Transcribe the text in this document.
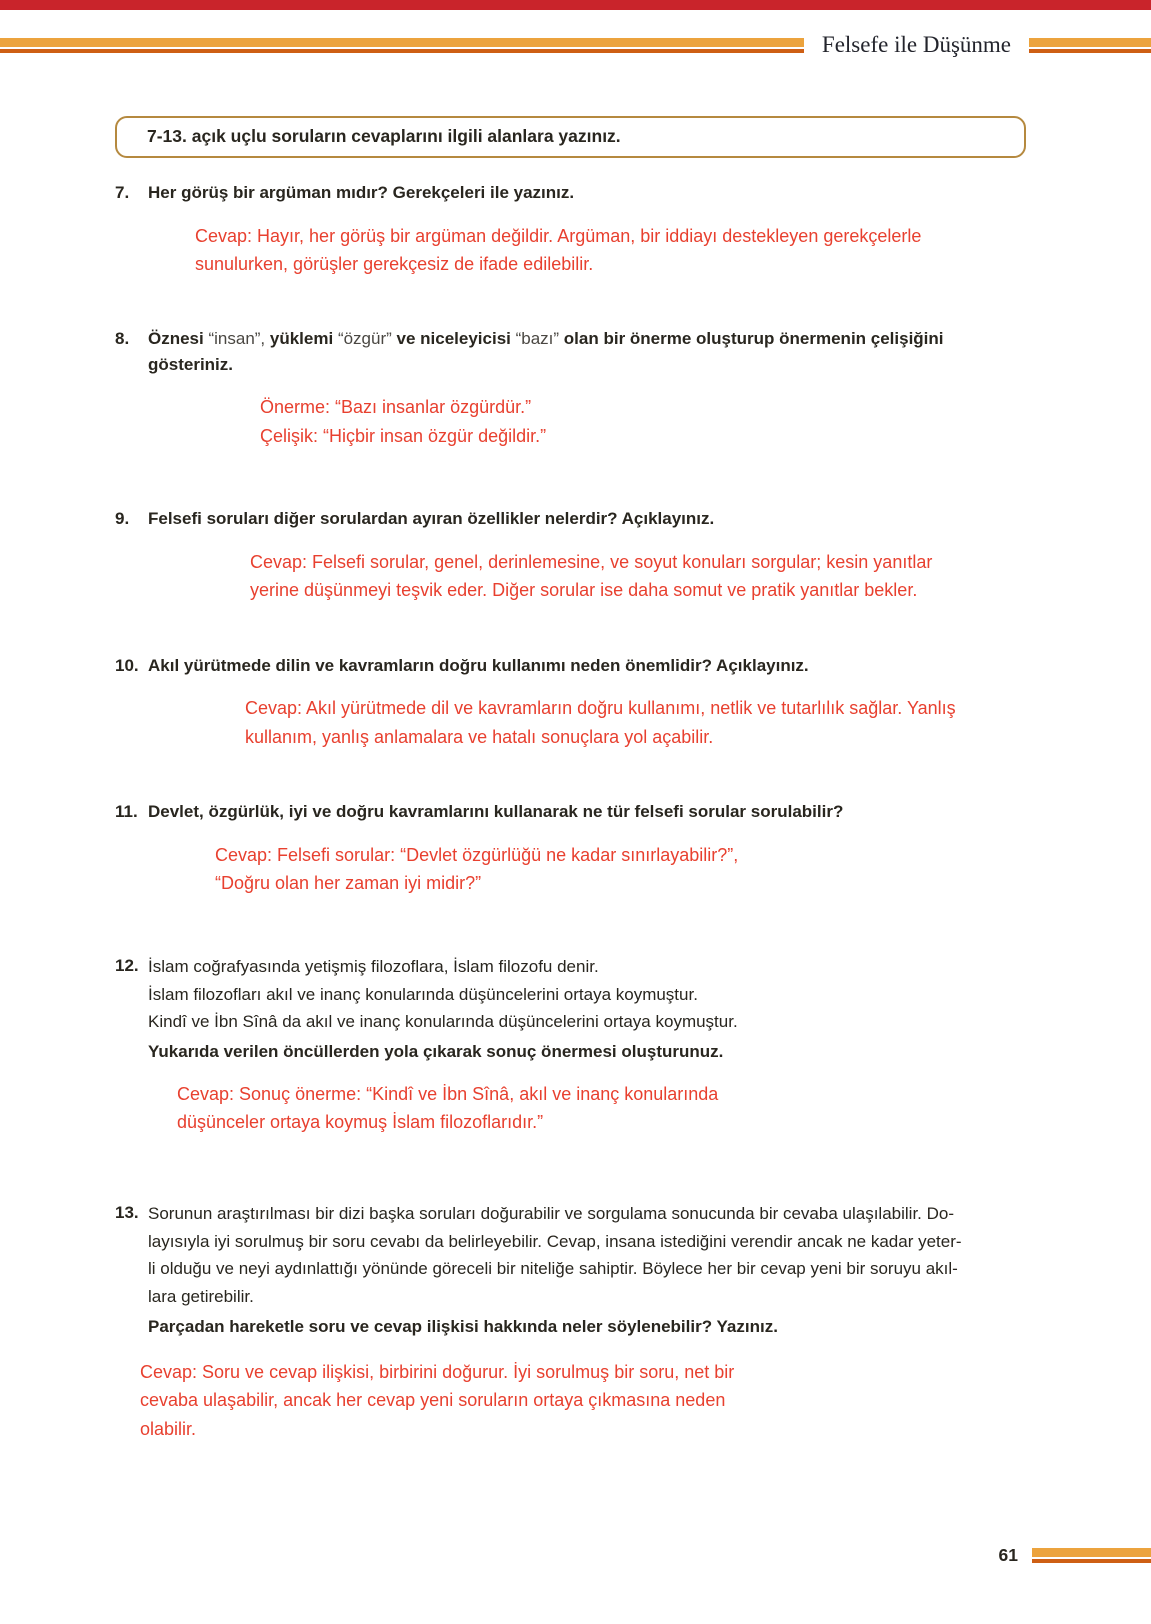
Felsefe ile Düşünme
7-13. açık uçlu soruların cevaplarını ilgili alanlara yazınız.
7.	Her görüş bir argüman mıdır? Gerekçeleri ile yazınız.
Cevap: Hayır, her görüş bir argüman değildir. Argüman, bir iddiayı destekleyen gerekçelerle
sunulurken, görüşler gerekçesiz de ifade edilebilir.
8.	Öznesi “insan”, yüklemi “özgür” ve niceleyicisi “bazı” olan bir önerme oluşturup önermenin çelişiğini gösteriniz.
Önerme: “Bazı insanlar özgürdür.”
Çelişik: “Hiçbir insan özgür değildir.”
9.	Felsefi soruları diğer sorulardan ayıran özellikler nelerdir? Açıklayınız.
Cevap: Felsefi sorular, genel, derinlemesine, ve soyut konuları sorgular; kesin yanıtlar
yerine düşünmeyi teşvik eder. Diğer sorular ise daha somut ve pratik yanıtlar bekler.
10. Akıl yürütmede dilin ve kavramların doğru kullanımı neden önemlidir? Açıklayınız.
Cevap: Akıl yürütmede dil ve kavramların doğru kullanımı, netlik ve tutarlılık sağlar. Yanlış
kullanım, yanlış anlamalara ve hatalı sonuçlara yol açabilir.
11. Devlet, özgürlük, iyi ve doğru kavramlarını kullanarak ne tür felsefi sorular sorulabilir?
Cevap: Felsefi sorular: “Devlet özgürlüğü ne kadar sınırlayabilir?”,
“Doğru olan her zaman iyi midir?”
12. İslam coğrafyasında yetişmiş filozoflara, İslam filozofu denir.
İslam filozofları akıl ve inanç konularında düşüncelerini ortaya koymuştur.
Kindî ve İbn Sînâ da akıl ve inanç konularında düşüncelerini ortaya koymuştur.
Yukarıda verilen öncüllerden yola çıkarak sonuç önermesi oluşturunuz.
Cevap: Sonuç önerme: “Kindî ve İbn Sînâ, akıl ve inanç konularında
düşünceler ortaya koymuş İslam filozoflarıdır.”
13. Sorunun araştırılması bir dizi başka soruları doğurabilir ve sorgulama sonucunda bir cevaba ulaşılabilir. Do-
layısıyla iyi sorulmuş bir soru cevabı da belirleyebilir. Cevap, insana istediğini verendir ancak ne kadar yeter-
li olduğu ve neyi aydınlattığı yönünde göreceli bir niteliğe sahiptir. Böylece her bir cevap yeni bir soruyu akıl-
lara getirebilir.
Parçadan hareketle soru ve cevap ilişkisi hakkında neler söylenebilir? Yazınız.
Cevap: Soru ve cevap ilişkisi, birbirini doğurur. İyi sorulmuş bir soru, net bir
cevaba ulaşabilir, ancak her cevap yeni soruların ortaya çıkmasına neden
olabilir.
61
